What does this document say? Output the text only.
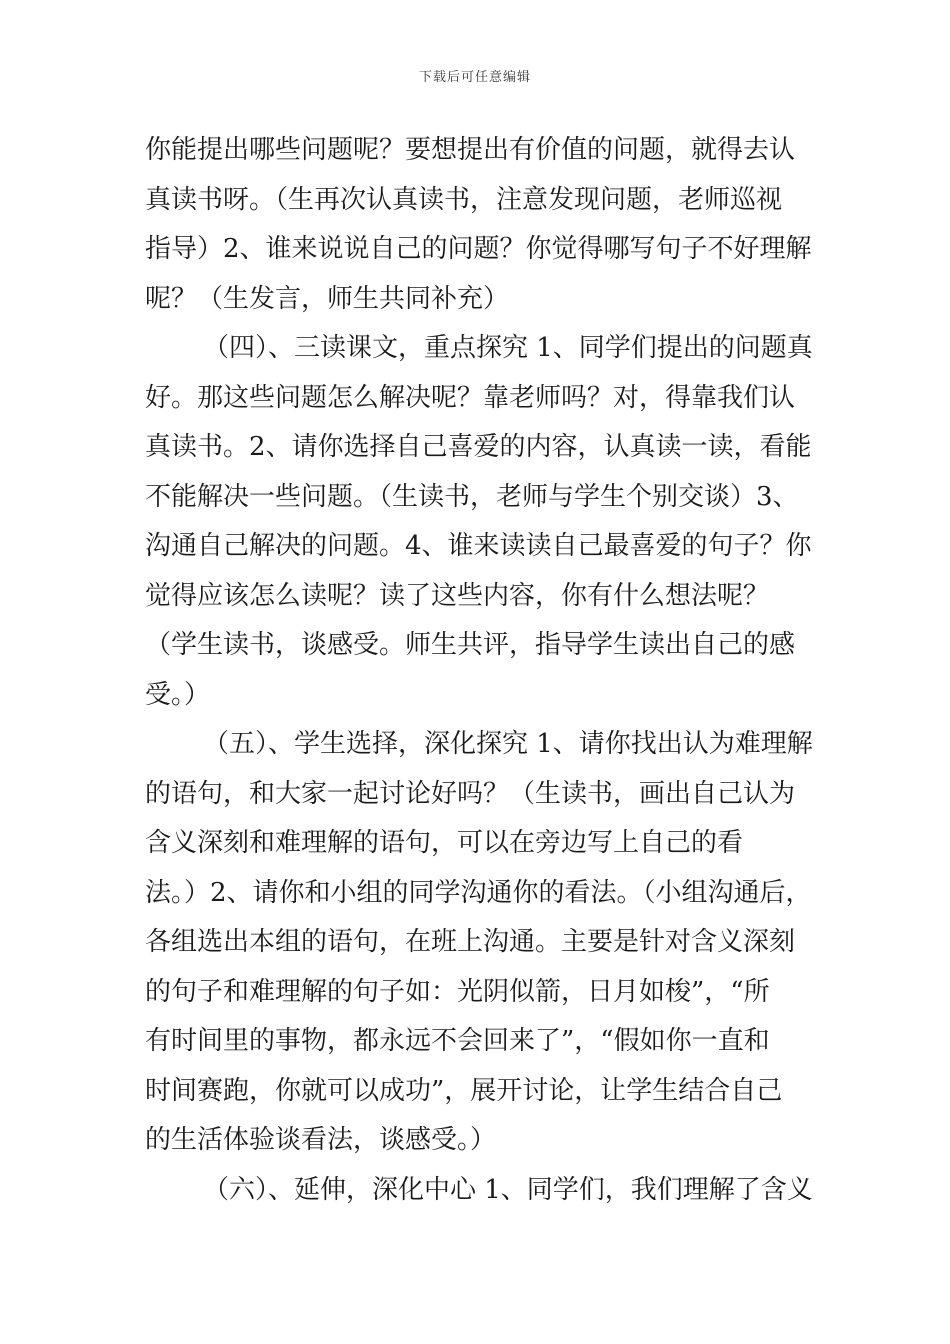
下载后可任意编辑

你能提出哪些问题呢？要想提出有价值的问题，就得去认
真读书呀。（生再次认真读书，注意发现问题，老师巡视
指导）2、谁来说说自己的问题？你觉得哪写句子不好理解
呢？（生发言，师生共同补充）

（四）、三读课文，重点探究 1、同学们提出的问题真
好。那这些问题怎么解决呢？靠老师吗？对，得靠我们认
真读书。2、请你选择自己喜爱的内容，认真读一读，看能
不能解决一些问题。（生读书，老师与学生个别交谈）3、
沟通自己解决的问题。4、谁来读读自己最喜爱的句子？你
觉得应该怎么读呢？读了这些内容，你有什么想法呢？
（学生读书，谈感受。师生共评，指导学生读出自己的感
受。）

（五）、学生选择，深化探究 1、请你找出认为难理解
的语句，和大家一起讨论好吗？（生读书，画出自己认为
含义深刻和难理解的语句，可以在旁边写上自己的看
法。）2、请你和小组的同学沟通你的看法。（小组沟通后，
各组选出本组的语句，在班上沟通。主要是针对含义深刻
的句子和难理解的句子如：光阴似箭，日月如梭”，“所
有时间里的事物，都永远不会回来了”，“假如你一直和
时间赛跑，你就可以成功”，展开讨论，让学生结合自己
的生活体验谈看法，谈感受。）

（六）、延伸，深化中心 1、同学们，我们理解了含义
